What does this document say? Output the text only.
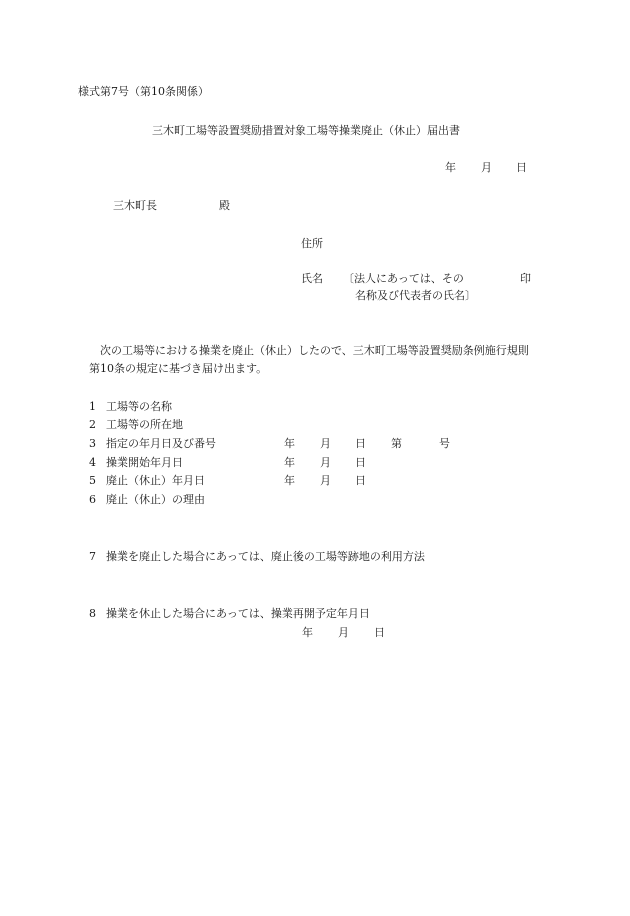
様式第7号（第10条関係）
三木町工場等設置奨励措置対象工場等操業廃止（休止）届出書
年 月 日
三木町長	殿
住所
氏名 〔法人にあっては、その	印
名称及び代表者の氏名〕
次の工場等における操業を廃止（休止）したので、三木町工場等設置奨励条例施行規則
第10条の規定に基づき届け出ます。
1 工場等の名称
2 工場等の所在地
3 指定の年月日及び番号	年 月 日 第	号
4 操業開始年月日	年 月 日
5 廃止（休止）年月日	年 月 日
6 廃止（休止）の理由
7 操業を廃止した場合にあっては、廃止後の工場等跡地の利用方法
8 操業を休止した場合にあっては、操業再開予定年月日
年 月 日
